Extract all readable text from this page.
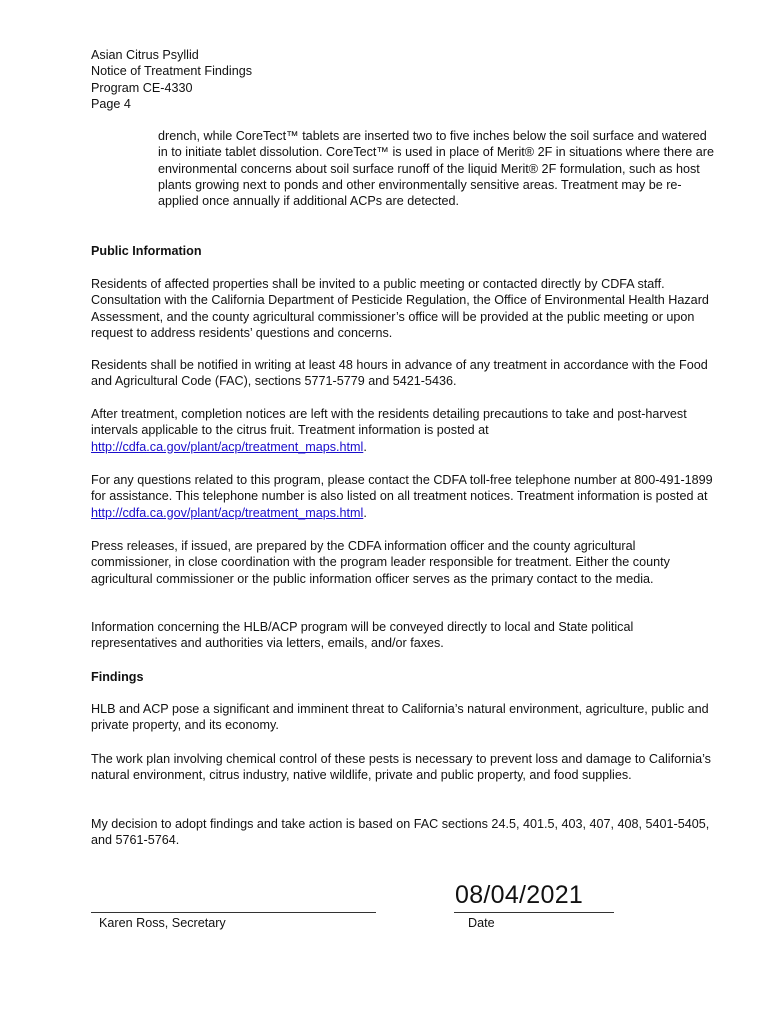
Asian Citrus Psyllid
Notice of Treatment Findings
Program CE-4330
Page 4

drench, while CoreTect™ tablets are inserted two to five inches below the soil surface and watered in to initiate tablet dissolution. CoreTect™ is used in place of Merit® 2F in situations where there are environmental concerns about soil surface runoff of the liquid Merit® 2F formulation, such as host plants growing next to ponds and other environmentally sensitive areas. Treatment may be re-applied once annually if additional ACPs are detected.

Public Information

Residents of affected properties shall be invited to a public meeting or contacted directly by CDFA staff. Consultation with the California Department of Pesticide Regulation, the Office of Environmental Health Hazard Assessment, and the county agricultural commissioner’s office will be provided at the public meeting or upon request to address residents’ questions and concerns.

Residents shall be notified in writing at least 48 hours in advance of any treatment in accordance with the Food and Agricultural Code (FAC), sections 5771-5779 and 5421-5436.

After treatment, completion notices are left with the residents detailing precautions to take and post-harvest intervals applicable to the citrus fruit. Treatment information is posted at http://cdfa.ca.gov/plant/acp/treatment_maps.html.

For any questions related to this program, please contact the CDFA toll-free telephone number at 800-491-1899 for assistance. This telephone number is also listed on all treatment notices. Treatment information is posted at http://cdfa.ca.gov/plant/acp/treatment_maps.html.

Press releases, if issued, are prepared by the CDFA information officer and the county agricultural commissioner, in close coordination with the program leader responsible for treatment. Either the county agricultural commissioner or the public information officer serves as the primary contact to the media.

Information concerning the HLB/ACP program will be conveyed directly to local and State political representatives and authorities via letters, emails, and/or faxes.

Findings

HLB and ACP pose a significant and imminent threat to California’s natural environment, agriculture, public and private property, and its economy.

The work plan involving chemical control of these pests is necessary to prevent loss and damage to California’s natural environment, citrus industry, native wildlife, private and public property, and food supplies.

My decision to adopt findings and take action is based on FAC sections 24.5, 401.5, 403, 407, 408, 5401-5405, and 5761-5764.

08/04/2021
Karen Ross, Secretary	Date
